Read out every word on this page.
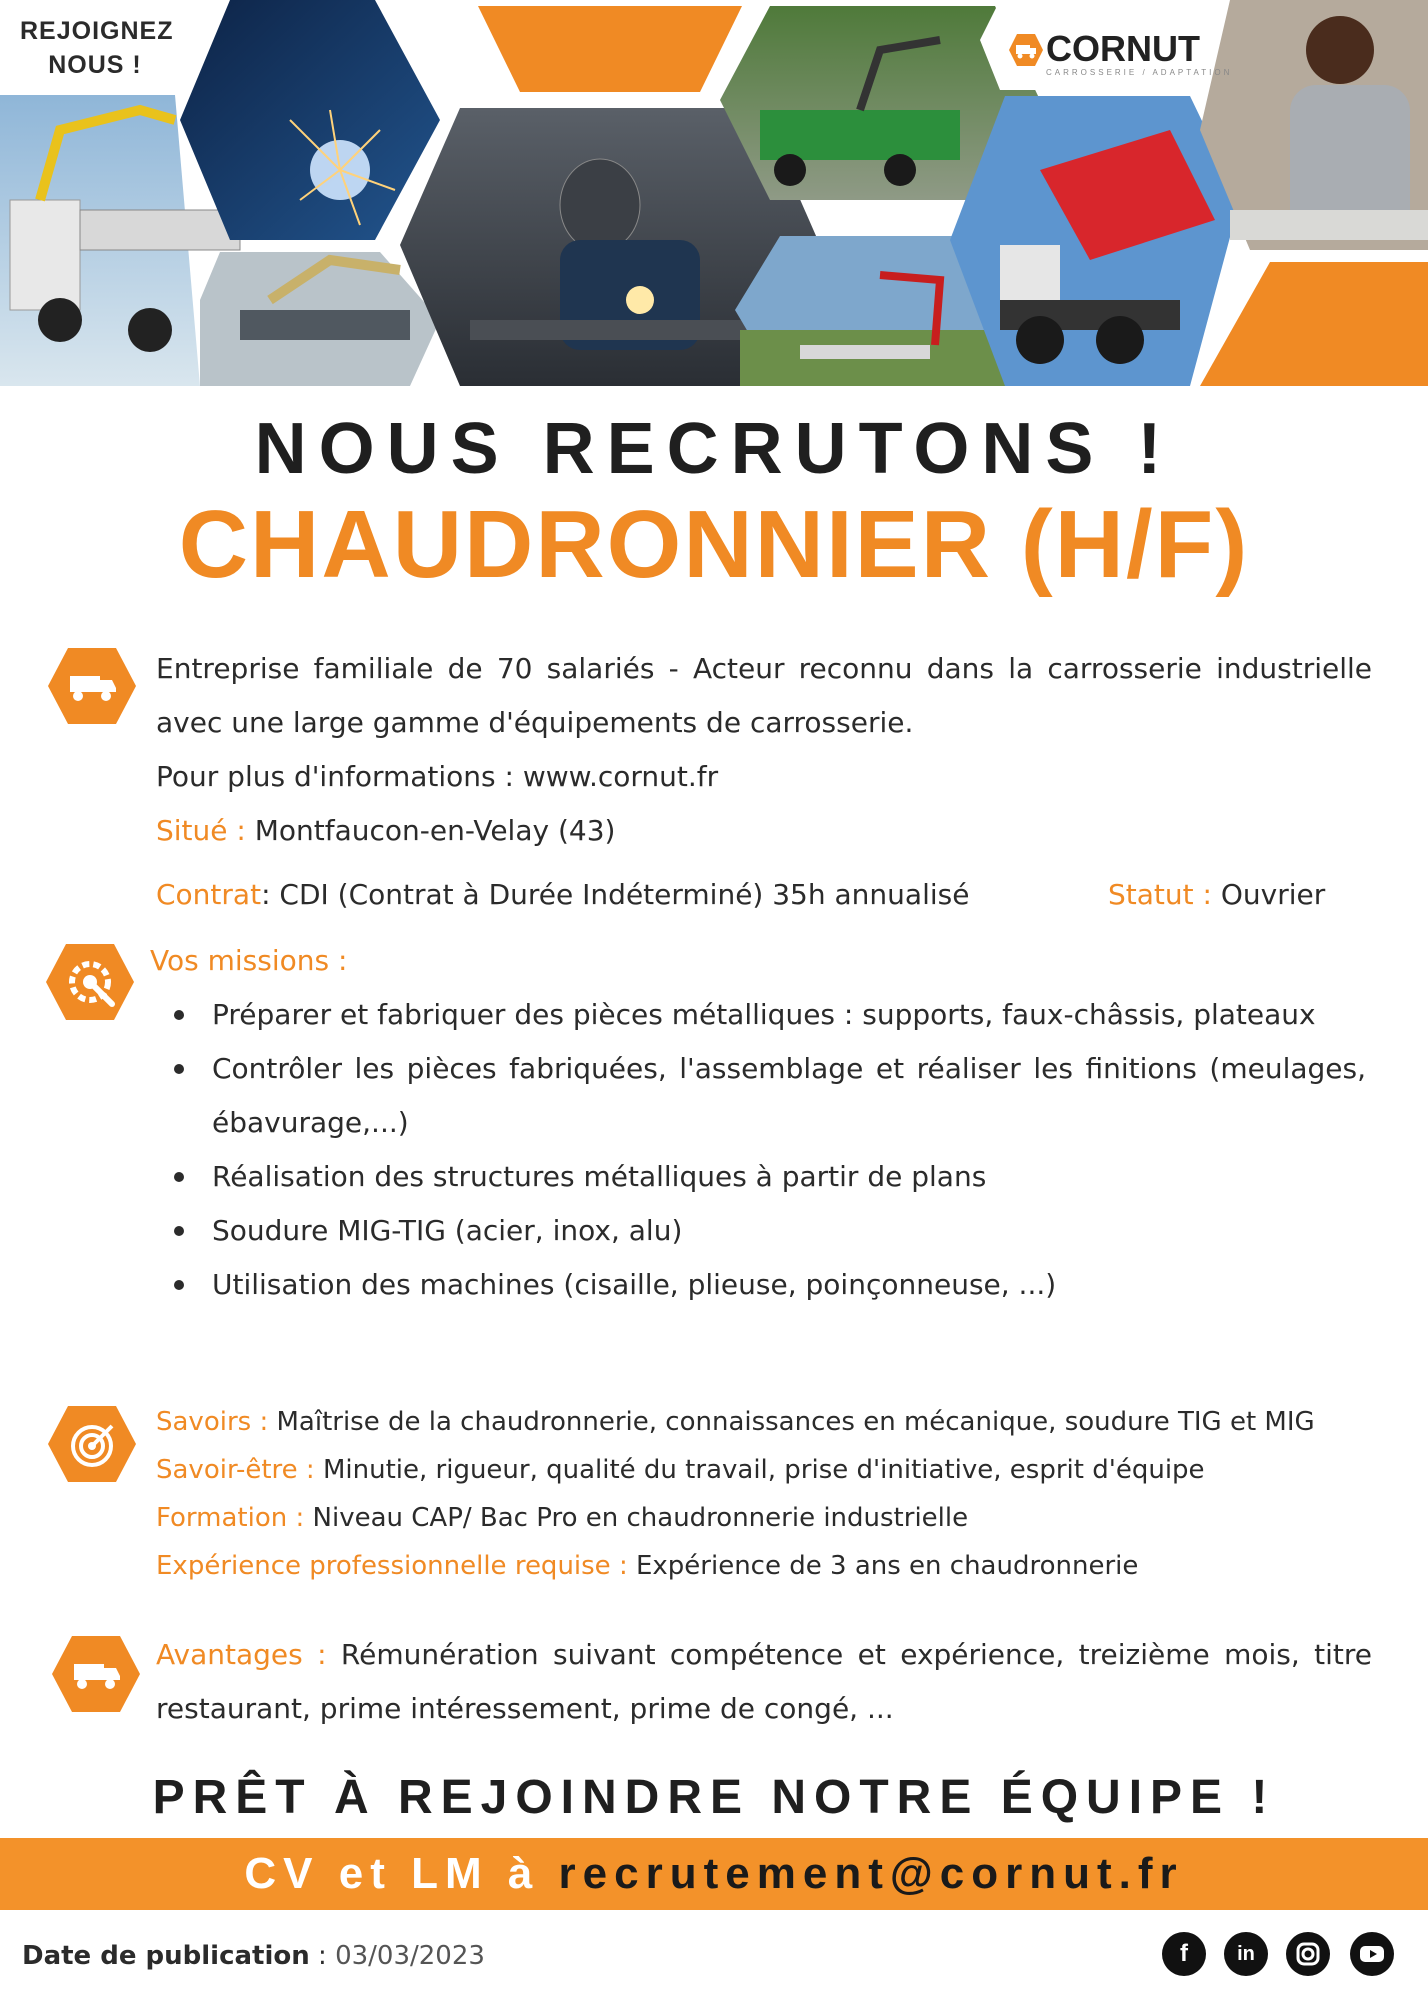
REJOIGNEZ
NOUS !	CORNUT
CARROSSERIE / ADAPTATION
NOUS RECRUTONS !
CHAUDRONNIER (H/F)
Entreprise familiale de 70 salariés - Acteur reconnu dans la carrosserie industrielle avec une large gamme d'équipements de carrosserie.
Pour plus d'informations : www.cornut.fr
Situé : Montfaucon-en-Velay (43)
Contrat: CDI (Contrat à Durée Indéterminé) 35h annualisé	Statut : Ouvrier
Vos missions :
Préparer et fabriquer des pièces métalliques : supports, faux-châssis, plateaux
Contrôler les pièces fabriquées, l'assemblage et réaliser les finitions (meulages, ébavurage,...)
Réalisation des structures métalliques à partir de plans
Soudure MIG-TIG (acier, inox, alu)
Utilisation des machines (cisaille, plieuse, poinçonneuse, ...)
Savoirs : Maîtrise de la chaudronnerie, connaissances en mécanique, soudure TIG et MIG
Savoir-être : Minutie, rigueur, qualité du travail, prise d'initiative, esprit d'équipe
Formation : Niveau CAP/ Bac Pro en chaudronnerie industrielle
Expérience professionnelle requise : Expérience de 3 ans en chaudronnerie
Avantages : Rémunération suivant compétence et expérience, treizième mois, titre restaurant, prime intéressement, prime de congé, ...
PRÊT À REJOINDRE NOTRE ÉQUIPE !
CV et LM à recrutement@cornut.fr
Date de publication : 03/03/2023	f	in
